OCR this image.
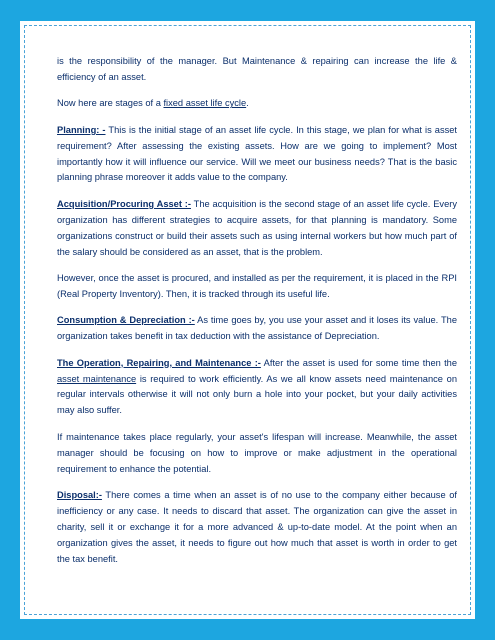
is the responsibility of the manager. But Maintenance & repairing can increase the life & efficiency of an asset.

Now here are stages of a fixed asset life cycle.

Planning: - This is the initial stage of an asset life cycle. In this stage, we plan for what is asset requirement? After assessing the existing assets. How are we going to implement? Most importantly how it will influence our service. Will we meet our business needs? That is the basic planning phrase moreover it adds value to the company.

Acquisition/Procuring Asset :- The acquisition is the second stage of an asset life cycle. Every organization has different strategies to acquire assets, for that planning is mandatory. Some organizations construct or build their assets such as using internal workers but how much part of the salary should be considered as an asset, that is the problem.

However, once the asset is procured, and installed as per the requirement, it is placed in the RPI (Real Property Inventory). Then, it is tracked through its useful life.

Consumption & Depreciation :- As time goes by, you use your asset and it loses its value. The organization takes benefit in tax deduction with the assistance of Depreciation.

The Operation, Repairing, and Maintenance :- After the asset is used for some time then the asset maintenance is required to work efficiently. As we all know assets need maintenance on regular intervals otherwise it will not only burn a hole into your pocket, but your daily activities may also suffer.

If maintenance takes place regularly, your asset's lifespan will increase. Meanwhile, the asset manager should be focusing on how to improve or make adjustment in the operational requirement to enhance the potential.

Disposal:- There comes a time when an asset is of no use to the company either because of inefficiency or any case. It needs to discard that asset. The organization can give the asset in charity, sell it or exchange it for a more advanced & up-to-date model. At the point when an organization gives the asset, it needs to figure out how much that asset is worth in order to get the tax benefit.
